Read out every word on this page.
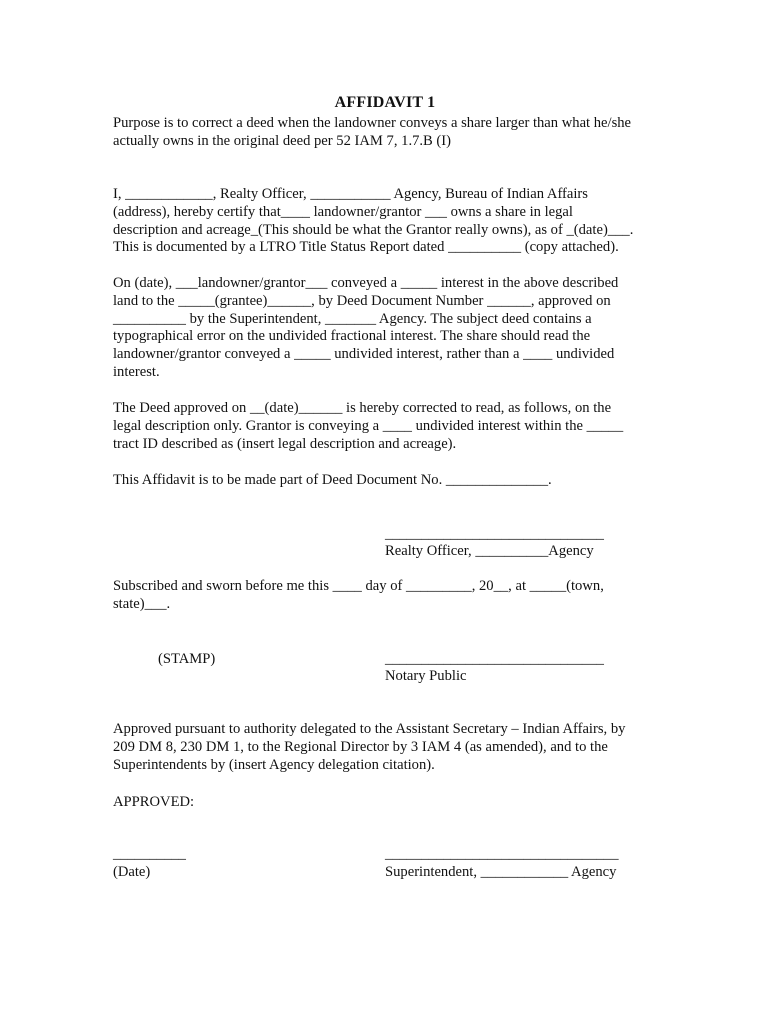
AFFIDAVIT 1

Purpose is to correct a deed when the landowner conveys a share larger than what he/she
actually owns in the original deed per 52 IAM 7, 1.7.B (I)

I, ____________, Realty Officer, ___________ Agency, Bureau of Indian Affairs
(address), hereby certify that____ landowner/grantor ___ owns a share in legal
description and acreage_(This should be what the Grantor really owns), as of _(date)___.
This is documented by a LTRO Title Status Report dated __________ (copy attached).

On (date), ___landowner/grantor___ conveyed a _____ interest in the above described
land to the _____(grantee)______, by Deed Document Number ______, approved on
__________ by the Superintendent, _______ Agency. The subject deed contains a
typographical error on the undivided fractional interest. The share should read the
landowner/grantor conveyed a _____ undivided interest, rather than a ____ undivided
interest.

The Deed approved on __(date)______ is hereby corrected to read, as follows, on the
legal description only. Grantor is conveying a ____ undivided interest within the _____
tract ID described as (insert legal description and acreage).

This Affidavit is to be made part of Deed Document No. ______________.

______________________________
Realty Officer, __________Agency

Subscribed and sworn before me this ____ day of _________, 20__, at _____(town,
state)___.

(STAMP)	______________________________
Notary Public

Approved pursuant to authority delegated to the Assistant Secretary – Indian Affairs, by
209 DM 8, 230 DM 1, to the Regional Director by 3 IAM 4 (as amended), and to the
Superintendents by (insert Agency delegation citation).

APPROVED:
__________
(Date)
________________________________
Superintendent, ____________ Agency
